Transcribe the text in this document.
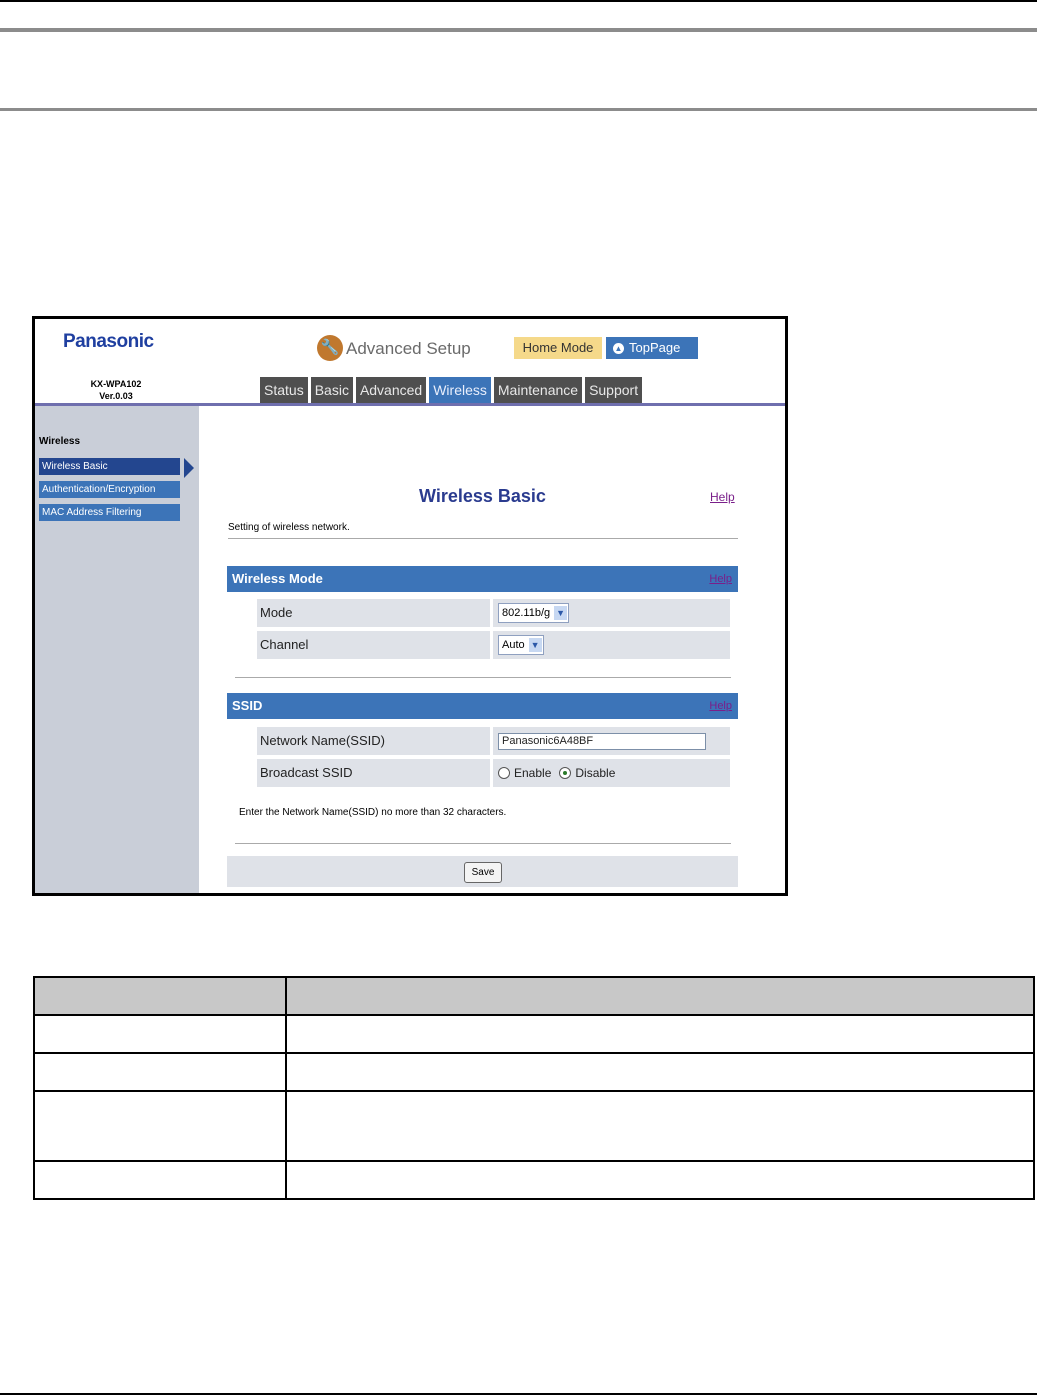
Panasonic
KX-WPA102
Ver.0.03
🔧 Advanced Setup	Home Mode	▲ TopPage
Status Basic Advanced Wireless Maintenance Support
Wireless
Wireless Basic
Authentication/Encryption
MAC Address Filtering
Wireless Basic	Help
Setting of wireless network.
Wireless Mode	Help
Mode	802.11b/g ▼
Channel	Auto ▼
SSID	Help
Network Name(SSID)	Panasonic6A48BF
Broadcast SSID	Enable Disable
Enter the Network Name(SSID) no more than 32 characters.
Save
